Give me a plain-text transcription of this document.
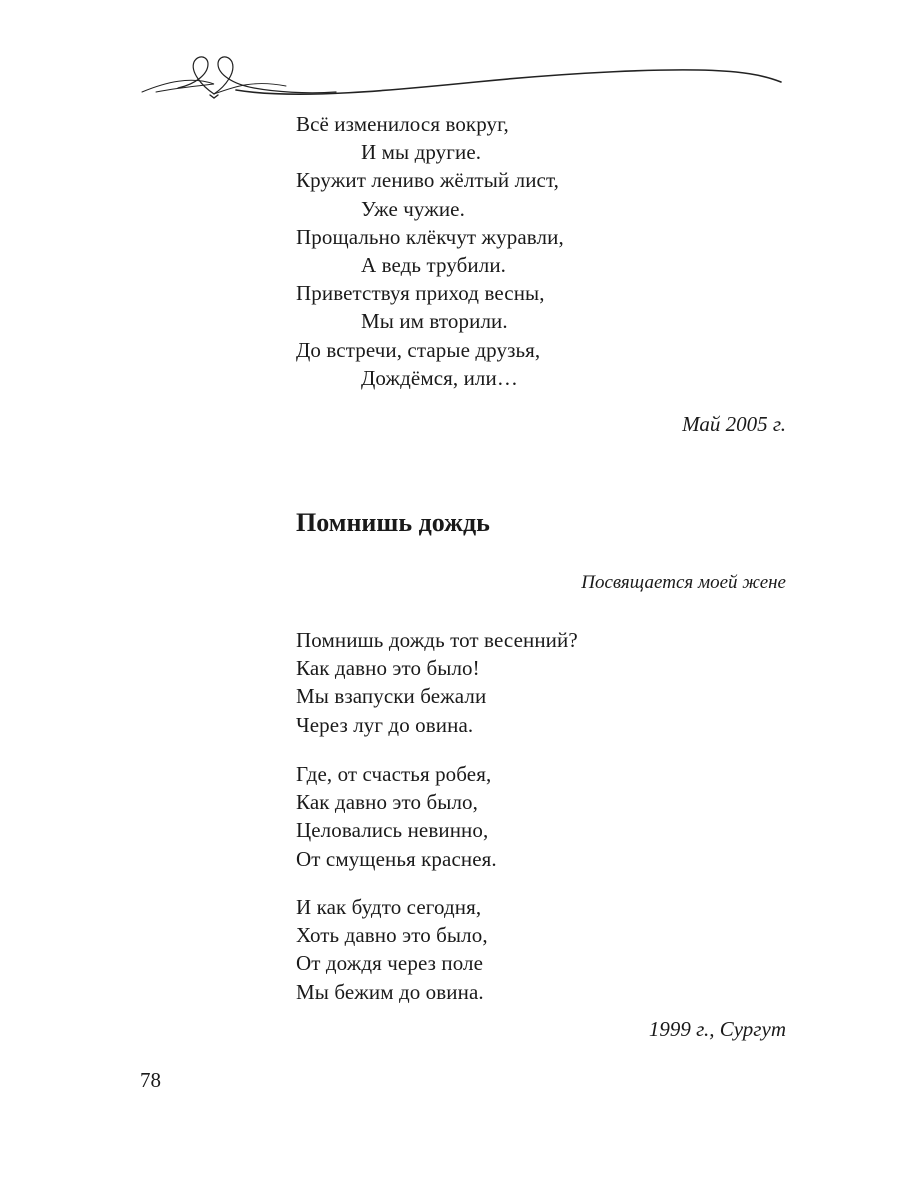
Всё изменилося вокруг,
И мы другие.
Кружит лениво жёлтый лист,
Уже чужие.
Прощально клёкчут журавли,
А ведь трубили.
Приветствуя приход весны,
Мы им вторили.
До встречи, старые друзья,
Дождёмся, или…
Май 2005 г.
Помнишь дождь
Посвящается моей жене
Помнишь дождь тот весенний?
Как давно это было!
Мы взапуски бежали
Через луг до овина.
Где, от счастья робея,
Как давно это было,
Целовались невинно,
От смущенья краснея.
И как будто сегодня,
Хоть давно это было,
От дождя через поле
Мы бежим до овина.
1999 г., Сургут
78
